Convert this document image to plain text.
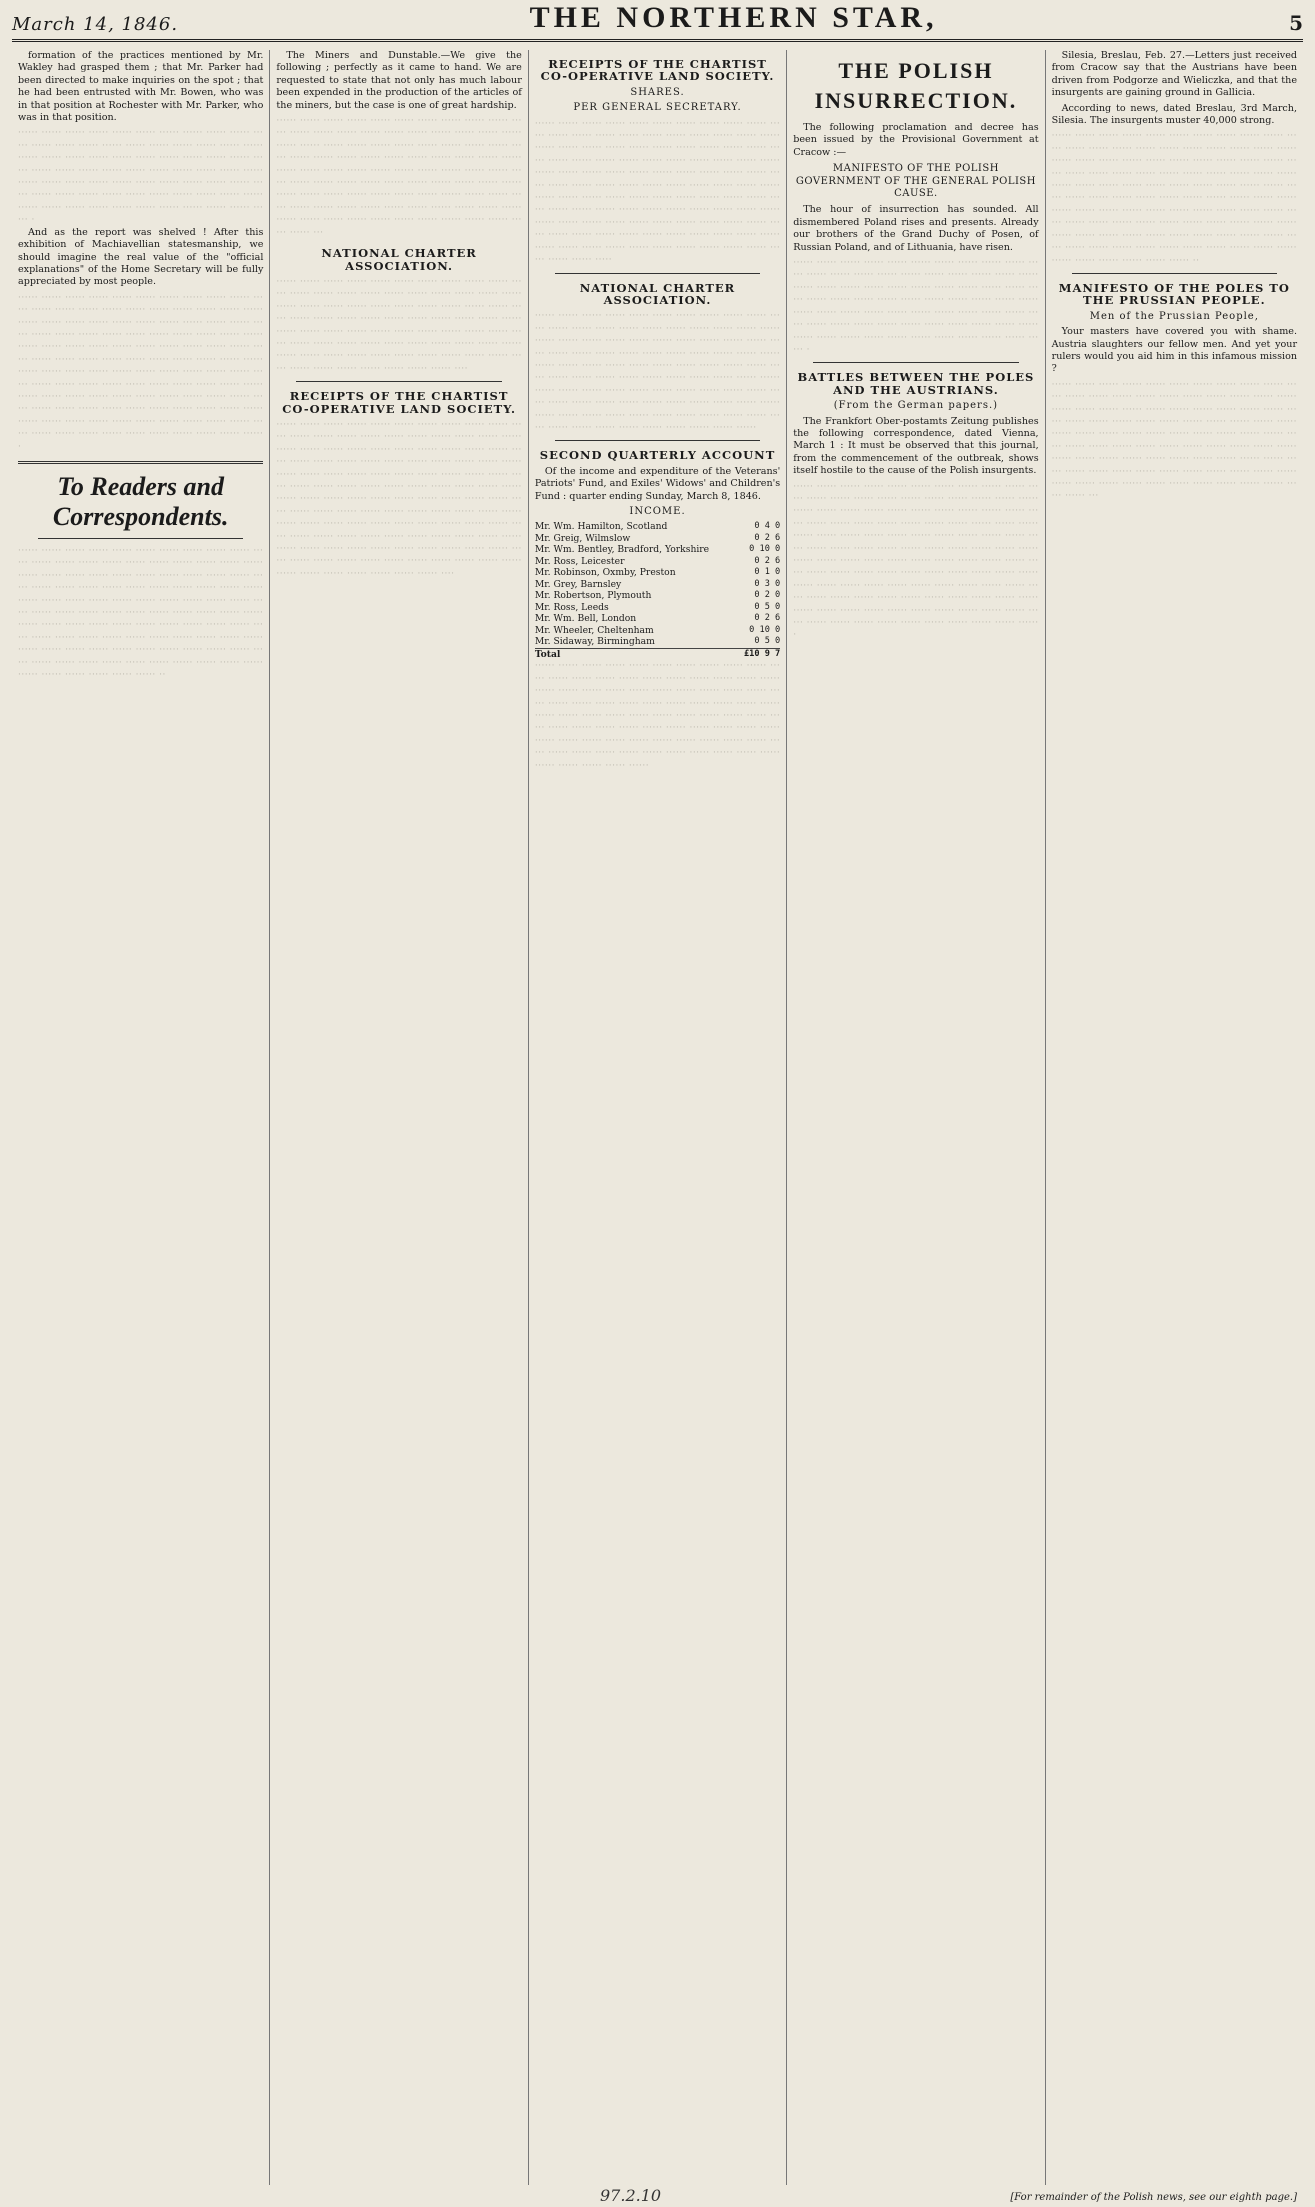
March 14, 1846.	THE NORTHERN STAR,	5

formation of the practices mentioned by Mr. Wakley had grasped them ; that Mr. Parker had been directed to make inquiries on the spot ; that he had been entrusted with Mr. Bowen, who was in that position at Rochester with Mr. Parker, who was in that position.

······ ······ ······ ······ ······ ······ ······ ······ ······ ······ ······ ······ ······ ······ ······ ······ ······ ······ ······ ······ ······ ······ ······ ······ ······ ······ ······ ······ ······ ······ ······ ······ ······ ······ ······ ······ ······ ······ ······ ······ ······ ······ ······ ······ ······ ······ ······ ······ ······ ······ ······ ······ ······ ······ ······ ······ ······ ······ ······ ······ ······ ······ ······ ······ ······ ······ ······ ······ ······ ······ ······ ······ ······ ······ ·

And as the report was shelved ! After this exhibition of Machiavellian statesmanship, we should imagine the real value of the "official explanations" of the Home Secretary will be fully appreciated by most people.

······ ······ ······ ······ ······ ······ ······ ······ ······ ······ ······ ······ ······ ······ ······ ······ ······ ······ ······ ······ ······ ······ ······ ······ ······ ······ ······ ······ ······ ······ ······ ······ ······ ······ ······ ······ ······ ······ ······ ······ ······ ······ ······ ······ ······ ······ ······ ······ ······ ······ ······ ······ ······ ······ ······ ······ ······ ······ ······ ······ ······ ······ ······ ······ ······ ······ ······ ······ ······ ······ ······ ······ ······ ······ ······ ······ ······ ······ ······ ······ ······ ······ ······ ······ ······ ······ ······ ······ ······ ······ ······ ······ ······ ······ ······ ······ ······ ······ ······ ······ ······ ······ ······ ······ ······ ······ ······ ······ ······ ······ ······ ······ ······ ······ ······ ······ ······ ······ ······ ······ ······ ······ ······ ······ ······ ······ ·
To Readers and Correspondents.
······ ······ ······ ······ ······ ······ ······ ······ ······ ······ ······ ······ ······ ······ ······ ······ ······ ······ ······ ······ ······ ······ ······ ······ ······ ······ ······ ······ ······ ······ ······ ······ ······ ······ ······ ······ ······ ······ ······ ······ ······ ······ ······ ······ ······ ······ ······ ······ ······ ······ ······ ······ ······ ······ ······ ······ ······ ······ ······ ······ ······ ······ ······ ······ ······ ······ ······ ······ ······ ······ ······ ······ ······ ······ ······ ······ ······ ······ ······ ······ ······ ······ ······ ······ ······ ······ ······ ······ ······ ······ ······ ······ ······ ······ ······ ······ ······ ······ ······ ······ ······ ······ ······ ······ ······ ······ ······ ······ ······ ······ ······ ··

The Miners and Dunstable.—We give the following ; perfectly as it came to hand. We are requested to state that not only has much labour been expended in the production of the articles of the miners, but the case is one of great hardship.

······ ······ ······ ······ ······ ······ ······ ······ ······ ······ ······ ······ ······ ······ ······ ······ ······ ······ ······ ······ ······ ······ ······ ······ ······ ······ ······ ······ ······ ······ ······ ······ ······ ······ ······ ······ ······ ······ ······ ······ ······ ······ ······ ······ ······ ······ ······ ······ ······ ······ ······ ······ ······ ······ ······ ······ ······ ······ ······ ······ ······ ······ ······ ······ ······ ······ ······ ······ ······ ······ ······ ······ ······ ······ ······ ······ ······ ······ ······ ······ ······ ······ ······ ······ ······ ······ ······ ······ ······ ······ ······ ······ ······ ······ ······ ······ ···
NATIONAL CHARTER ASSOCIATION.
······ ······ ······ ······ ······ ······ ······ ······ ······ ······ ······ ······ ······ ······ ······ ······ ······ ······ ······ ······ ······ ······ ······ ······ ······ ······ ······ ······ ······ ······ ······ ······ ······ ······ ······ ······ ······ ······ ······ ······ ······ ······ ······ ······ ······ ······ ······ ······ ······ ······ ······ ······ ······ ······ ······ ······ ······ ······ ······ ······ ······ ······ ······ ······ ······ ······ ······ ······ ······ ······ ······ ······ ······ ······ ······ ······ ······ ······ ······ ······ ······ ····
RECEIPTS OF THE CHARTIST CO-OPERATIVE LAND SOCIETY.
······ ······ ······ ······ ······ ······ ······ ······ ······ ······ ······ ······ ······ ······ ······ ······ ······ ······ ······ ······ ······ ······ ······ ······ ······ ······ ······ ······ ······ ······ ······ ······ ······ ······ ······ ······ ······ ······ ······ ······ ······ ······ ······ ······ ······ ······ ······ ······ ······ ······ ······ ······ ······ ······ ······ ······ ······ ······ ······ ······ ······ ······ ······ ······ ······ ······ ······ ······ ······ ······ ······ ······ ······ ······ ······ ······ ······ ······ ······ ······ ······ ······ ······ ······ ······ ······ ······ ······ ······ ······ ······ ······ ······ ······ ······ ······ ······ ······ ······ ······ ······ ······ ······ ······ ······ ······ ······ ······ ······ ······ ······ ······ ······ ······ ······ ······ ······ ······ ······ ······ ······ ······ ······ ······ ······ ······ ······ ······ ······ ······ ······ ······ ······ ····
RECEIPTS OF THE CHARTIST CO-OPERATIVE LAND SOCIETY.
SHARES.
PER GENERAL SECRETARY.
······ ······ ······ ······ ······ ······ ······ ······ ······ ······ ······ ······ ······ ······ ······ ······ ······ ······ ······ ······ ······ ······ ······ ······ ······ ······ ······ ······ ······ ······ ······ ······ ······ ······ ······ ······ ······ ······ ······ ······ ······ ······ ······ ······ ······ ······ ······ ······ ······ ······ ······ ······ ······ ······ ······ ······ ······ ······ ······ ······ ······ ······ ······ ······ ······ ······ ······ ······ ······ ······ ······ ······ ······ ······ ······ ······ ······ ······ ······ ······ ······ ······ ······ ······ ······ ······ ······ ······ ······ ······ ······ ······ ······ ······ ······ ······ ······ ······ ······ ······ ······ ······ ······ ······ ······ ······ ······ ······ ······ ······ ······ ······ ······ ······ ······ ······ ······ ······ ·····
NATIONAL CHARTER ASSOCIATION.
······ ······ ······ ······ ······ ······ ······ ······ ······ ······ ······ ······ ······ ······ ······ ······ ······ ······ ······ ······ ······ ······ ······ ······ ······ ······ ······ ······ ······ ······ ······ ······ ······ ······ ······ ······ ······ ······ ······ ······ ······ ······ ······ ······ ······ ······ ······ ······ ······ ······ ······ ······ ······ ······ ······ ······ ······ ······ ······ ······ ······ ······ ······ ······ ······ ······ ······ ······ ······ ······ ······ ······ ······ ······ ······ ······ ······ ······ ······ ······ ······ ······ ······ ······ ······ ······ ······ ······ ······ ······ ······ ······ ······ ······ ······ ······ ······ ······ ······ ······ ······ ······ ······ ······
SECOND QUARTERLY ACCOUNT

Of the income and expenditure of the Veterans' Patriots' Fund, and Exiles' Widows' and Children's Fund : quarter ending Sunday, March 8, 1846.

INCOME.
Mr. Wm. Hamilton, Scotland	0 4 0
Mr. Greig, Wilmslow	0 2 6
Mr. Wm. Bentley, Bradford, Yorkshire	0 10 0
Mr. Ross, Leicester	0 2 6
Mr. Robinson, Oxmby, Preston	0 1 0
Mr. Grey, Barnsley	0 3 0
Mr. Robertson, Plymouth	0 2 0
Mr. Ross, Leeds	0 5 0
Mr. Wm. Bell, London	0 2 6
Mr. Wheeler, Cheltenham	0 10 0
Mr. Sidaway, Birmingham	0 5 0
Total	£10 9 7
······ ······ ······ ······ ······ ······ ······ ······ ······ ······ ······ ······ ······ ······ ······ ······ ······ ······ ······ ······ ······ ······ ······ ······ ······ ······ ······ ······ ······ ······ ······ ······ ······ ······ ······ ······ ······ ······ ······ ······ ······ ······ ······ ······ ······ ······ ······ ······ ······ ······ ······ ······ ······ ······ ······ ······ ······ ······ ······ ······ ······ ······ ······ ······ ······ ······ ······ ······ ······ ······ ······ ······ ······ ······ ······ ······ ······ ······ ······ ······ ······ ······ ······ ······ ······ ······ ······ ······ ······
THE POLISH INSURRECTION.

The following proclamation and decree has been issued by the Provisional Government at Cracow :—

MANIFESTO OF THE POLISH GOVERNMENT OF THE GENERAL POLISH CAUSE.

The hour of insurrection has sounded. All dismembered Poland rises and presents. Already our brothers of the Grand Duchy of Posen, of Russian Poland, and of Lithuania, have risen.

······ ······ ······ ······ ······ ······ ······ ······ ······ ······ ······ ······ ······ ······ ······ ······ ······ ······ ······ ······ ······ ······ ······ ······ ······ ······ ······ ······ ······ ······ ······ ······ ······ ······ ······ ······ ······ ······ ······ ······ ······ ······ ······ ······ ······ ······ ······ ······ ······ ······ ······ ······ ······ ······ ······ ······ ······ ······ ······ ······ ······ ······ ······ ······ ······ ······ ······ ······ ······ ······ ······ ······ ······ ······ ·
BATTLES BETWEEN THE POLES AND THE AUSTRIANS.
(From the German papers.)

The Frankfort Ober-postamts Zeitung publishes the following correspondence, dated Vienna, March 1 : It must be observed that this journal, from the commencement of the outbreak, shows itself hostile to the cause of the Polish insurgents.

······ ······ ······ ······ ······ ······ ······ ······ ······ ······ ······ ······ ······ ······ ······ ······ ······ ······ ······ ······ ······ ······ ······ ······ ······ ······ ······ ······ ······ ······ ······ ······ ······ ······ ······ ······ ······ ······ ······ ······ ······ ······ ······ ······ ······ ······ ······ ······ ······ ······ ······ ······ ······ ······ ······ ······ ······ ······ ······ ······ ······ ······ ······ ······ ······ ······ ······ ······ ······ ······ ······ ······ ······ ······ ······ ······ ······ ······ ······ ······ ······ ······ ······ ······ ······ ······ ······ ······ ······ ······ ······ ······ ······ ······ ······ ······ ······ ······ ······ ······ ······ ······ ······ ······ ······ ······ ······ ······ ······ ······ ······ ······ ······ ······ ······ ······ ······ ······ ······ ······ ······ ······ ······ ······ ······ ······ ·

Silesia, Breslau, Feb. 27.—Letters just received from Cracow say that the Austrians have been driven from Podgorze and Wieliczka, and that the insurgents are gaining ground in Gallicia.

According to news, dated Breslau, 3rd March, Silesia. The insurgents muster 40,000 strong.

······ ······ ······ ······ ······ ······ ······ ······ ······ ······ ······ ······ ······ ······ ······ ······ ······ ······ ······ ······ ······ ······ ······ ······ ······ ······ ······ ······ ······ ······ ······ ······ ······ ······ ······ ······ ······ ······ ······ ······ ······ ······ ······ ······ ······ ······ ······ ······ ······ ······ ······ ······ ······ ······ ······ ······ ······ ······ ······ ······ ······ ······ ······ ······ ······ ······ ······ ······ ······ ······ ······ ······ ······ ······ ······ ······ ······ ······ ······ ······ ······ ······ ······ ······ ······ ······ ······ ······ ······ ······ ······ ······ ······ ······ ······ ······ ······ ······ ······ ······ ······ ······ ······ ······ ······ ······ ······ ······ ······ ······ ······ ··
MANIFESTO OF THE POLES TO THE PRUSSIAN PEOPLE.
Men of the Prussian People,

Your masters have covered you with shame. Austria slaughters our fellow men. And yet your rulers would you aid him in this infamous mission ?

······ ······ ······ ······ ······ ······ ······ ······ ······ ······ ······ ······ ······ ······ ······ ······ ······ ······ ······ ······ ······ ······ ······ ······ ······ ······ ······ ······ ······ ······ ······ ······ ······ ······ ······ ······ ······ ······ ······ ······ ······ ······ ······ ······ ······ ······ ······ ······ ······ ······ ······ ······ ······ ······ ······ ······ ······ ······ ······ ······ ······ ······ ······ ······ ······ ······ ······ ······ ······ ······ ······ ······ ······ ······ ······ ······ ······ ······ ······ ······ ······ ······ ······ ······ ······ ······ ······ ······ ······ ······ ······ ······ ······ ······ ······ ······ ···
97.2.10	[For remainder of the Polish news, see our eighth page.]
